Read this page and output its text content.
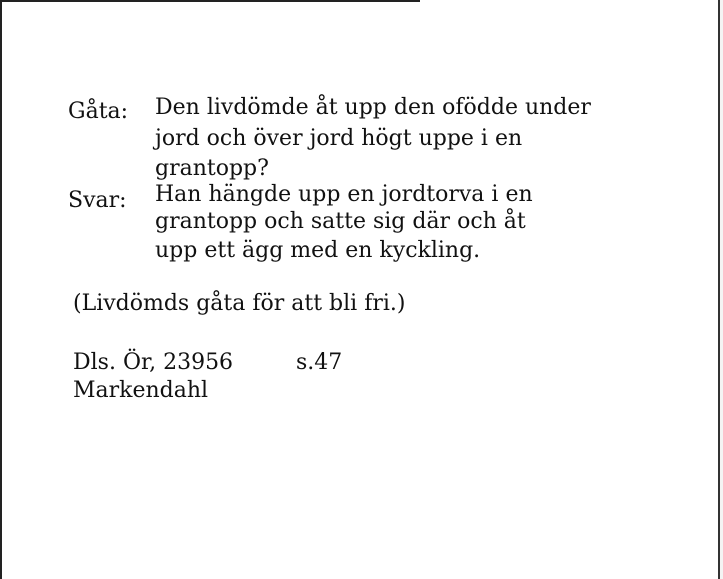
Gåta:	Den livdömde åt upp den ofödde under
jord och över jord högt uppe i en
grantopp?
Svar:	Han hängde upp en jordtorva i en
grantopp och satte sig där och åt
upp ett ägg med en kyckling.
(Livdömds gåta för att bli fri.)
Dls. Ör, 23956	s.47
Markendahl
